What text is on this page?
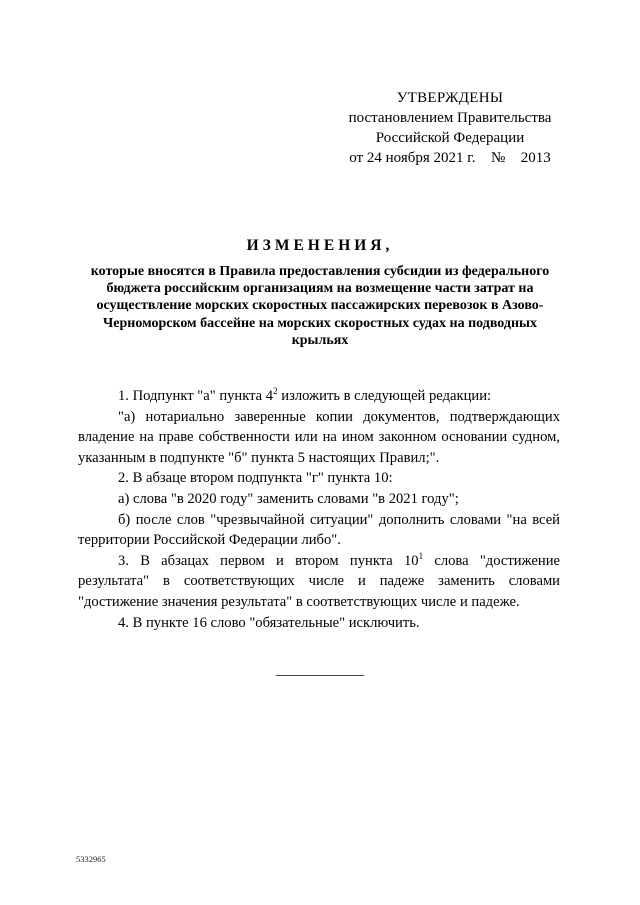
УТВЕРЖДЕНЫ
постановлением Правительства
Российской Федерации
от 24 ноября 2021 г. № 2013
ИЗМЕНЕНИЯ,
которые вносятся в Правила предоставления субсидии из федерального бюджета российским организациям на возмещение части затрат на осуществление морских скоростных пассажирских перевозок в Азово-Черноморском бассейне на морских скоростных судах на подводных крыльях

1. Подпункт "а" пункта $4^2$ изложить в следующей редакции:

"а) нотариально заверенные копии документов, подтверждающих владение на праве собственности или на ином законном основании судном, указанным в подпункте "б" пункта 5 настоящих Правил;".

2. В абзаце втором подпункта "г" пункта 10:

а) слова "в 2020 году" заменить словами "в 2021 году";

б) после слов "чрезвычайной ситуации" дополнить словами "на всей территории Российской Федерации либо".

3. В абзацах первом и втором пункта $10^1$ слова "достижение результата" в соответствующих числе и падеже заменить словами "достижение значения результата" в соответствующих числе и падеже.

4. В пункте 16 слово "обязательные" исключить.

5332965
